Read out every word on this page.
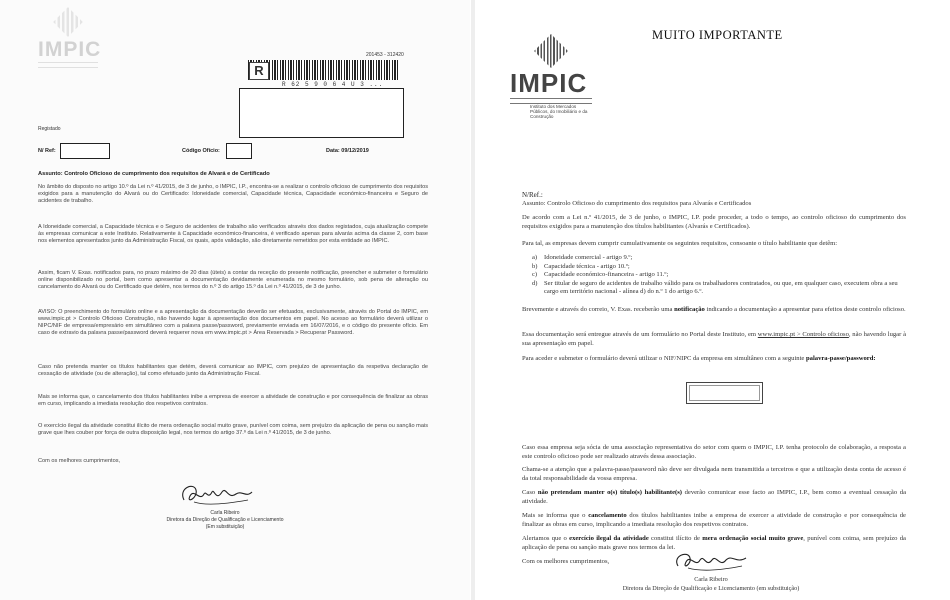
IMPIC	201453 - 312420
R
R 62 5 9 0 6 4 U 3 ...
Registado
N/ Ref:	Código Ofício:	Data: 09/12/2019
Assunto: Controlo Oficioso de cumprimento dos requisitos de Alvará e de Certificado

No âmbito do disposto no artigo 10.º da Lei n.º 41/2015, de 3 de junho, o IMPIC, I.P., encontra-se a realizar o controlo oficioso de cumprimento dos requisitos exigidos para a manutenção do Alvará ou do Certificado: Idoneidade comercial, Capacidade técnica, Capacidade económico-financeira e Seguro de acidentes de trabalho.

A Idoneidade comercial, a Capacidade técnica e o Seguro de acidentes de trabalho são verificados através dos dados registados, cuja atualização compete às empresas comunicar a este Instituto. Relativamente à Capacidade económico-financeira, é verificado apenas para alvarás acima da classe 2, com base nos elementos apresentados junto da Administração Fiscal, os quais, após validação, são diretamente remetidos por esta entidade ao IMPIC.

Assim, ficam V. Exas. notificados para, no prazo máximo de 20 dias (úteis) a contar da receção do presente notificação, preencher e submeter o formulário online disponibilizado no portal, bem como apresentar a documentação devidamente enumerada no mesmo formulário, sob pena de alteração ou cancelamento do Alvará ou do Certificado que detém, nos termos do n.º 3 do artigo 15.º da Lei n.º 41/2015, de 3 de junho.

AVISO: O preenchimento do formulário online e a apresentação da documentação deverão ser efetuados, exclusivamente, através do Portal do IMPIC, em www.impic.pt > Controlo Oficioso Construção, não havendo lugar à apresentação dos documentos em papel. No acesso ao formulário deverá utilizar o NIPC/NIF de empresa/empresário em simultâneo com a palavra passe/password, previamente enviada em 16/07/2016, e o código do presente ofício. Em caso de extravio da palavra passe/password deverá requerer nova em www.impic.pt > Área Reservada > Recuperar Password.

Caso não pretenda manter os títulos habilitantes que detém, deverá comunicar ao IMPIC, com prejuízo de apresentação da respetiva declaração de cessação de atividade (ou de alteração), tal como efetuado junto da Administração Fiscal.

Mais se informa que, o cancelamento dos títulos habilitantes inibe a empresa de exercer a atividade de construção e por consequência de finalizar as obras em curso, implicando a imediata resolução dos respetivos contratos.

O exercício ilegal da atividade constitui ilícito de mera ordenação social muito grave, punível com coima, sem prejuízo da aplicação de pena ou sanção mais grave que lhes couber por força de outra disposição legal, nos termos do artigo 37.º da Lei n.º 41/2015, de 3 de junho.

Com os melhores cumprimentos,

Carla Ribeiro
Diretora da Direção de Qualificação e Licenciamento
(Em substituição)
MUITO IMPORTANTE
IMPIC
Instituto dos Mercados Públicos, do Imobiliário e da Construção
N/Ref.:
Assunto: Controlo Oficioso do cumprimento dos requisitos para Alvarás e Certificados

De acordo com a Lei n.º 41/2015, de 3 de junho, o IMPIC, I.P. pode proceder, a todo o tempo, ao controlo oficioso do cumprimento dos requisitos exigidos para a manutenção dos títulos habilitantes (Alvarás e Certificados).

Para tal, as empresas devem cumprir cumulativamente os seguintes requisitos, consoante o título habilitante que detêm:

a) Idoneidade comercial - artigo 9.º;
b) Capacidade técnica - artigo 10.º;
c) Capacidade económico-financeira - artigo 11.º;
d) Ser titular de seguro de acidentes de trabalho válido para os trabalhadores contratados, ou que, em qualquer caso, executem obra a seu cargo em território nacional - alínea d) do n.º 1 do artigo 6.º.

Brevemente e através do correio, V. Exas. receberão uma notificação indicando a documentação a apresentar para efeitos deste controlo oficioso.

Essa documentação será entregue através de um formulário no Portal deste Instituto, em www.impic.pt > Controlo oficioso, não havendo lugar à sua apresentação em papel.

Para aceder e submeter o formulário deverá utilizar o NIF/NIPC da empresa em simultâneo com a seguinte palavra-passe/password:

Caso essa empresa seja sócia de uma associação representativa do setor com quem o IMPIC, I.P. tenha protocolo de colaboração, a resposta a este controlo oficioso pode ser realizado através dessa associação.

Chama-se a atenção que a palavra-passe/password não deve ser divulgada nem transmitida a terceiros e que a utilização desta conta de acesso é da total responsabilidade da vossa empresa.

Caso não pretendam manter o(s) título(s) habilitante(s) deverão comunicar esse facto ao IMPIC, I.P., bem como a eventual cessação da atividade.

Mais se informa que o cancelamento dos títulos habilitantes inibe a empresa de exercer a atividade de construção e por consequência de finalizar as obras em curso, implicando a imediata resolução dos respetivos contratos.

Alertamos que o exercício ilegal da atividade constitui ilícito de mera ordenação social muito grave, punível com coima, sem prejuízo da aplicação de pena ou sanção mais grave nos termos da lei.

Com os melhores cumprimentos,

Carla Ribeiro
Diretora da Direção de Qualificação e Licenciamento (em substituição)
